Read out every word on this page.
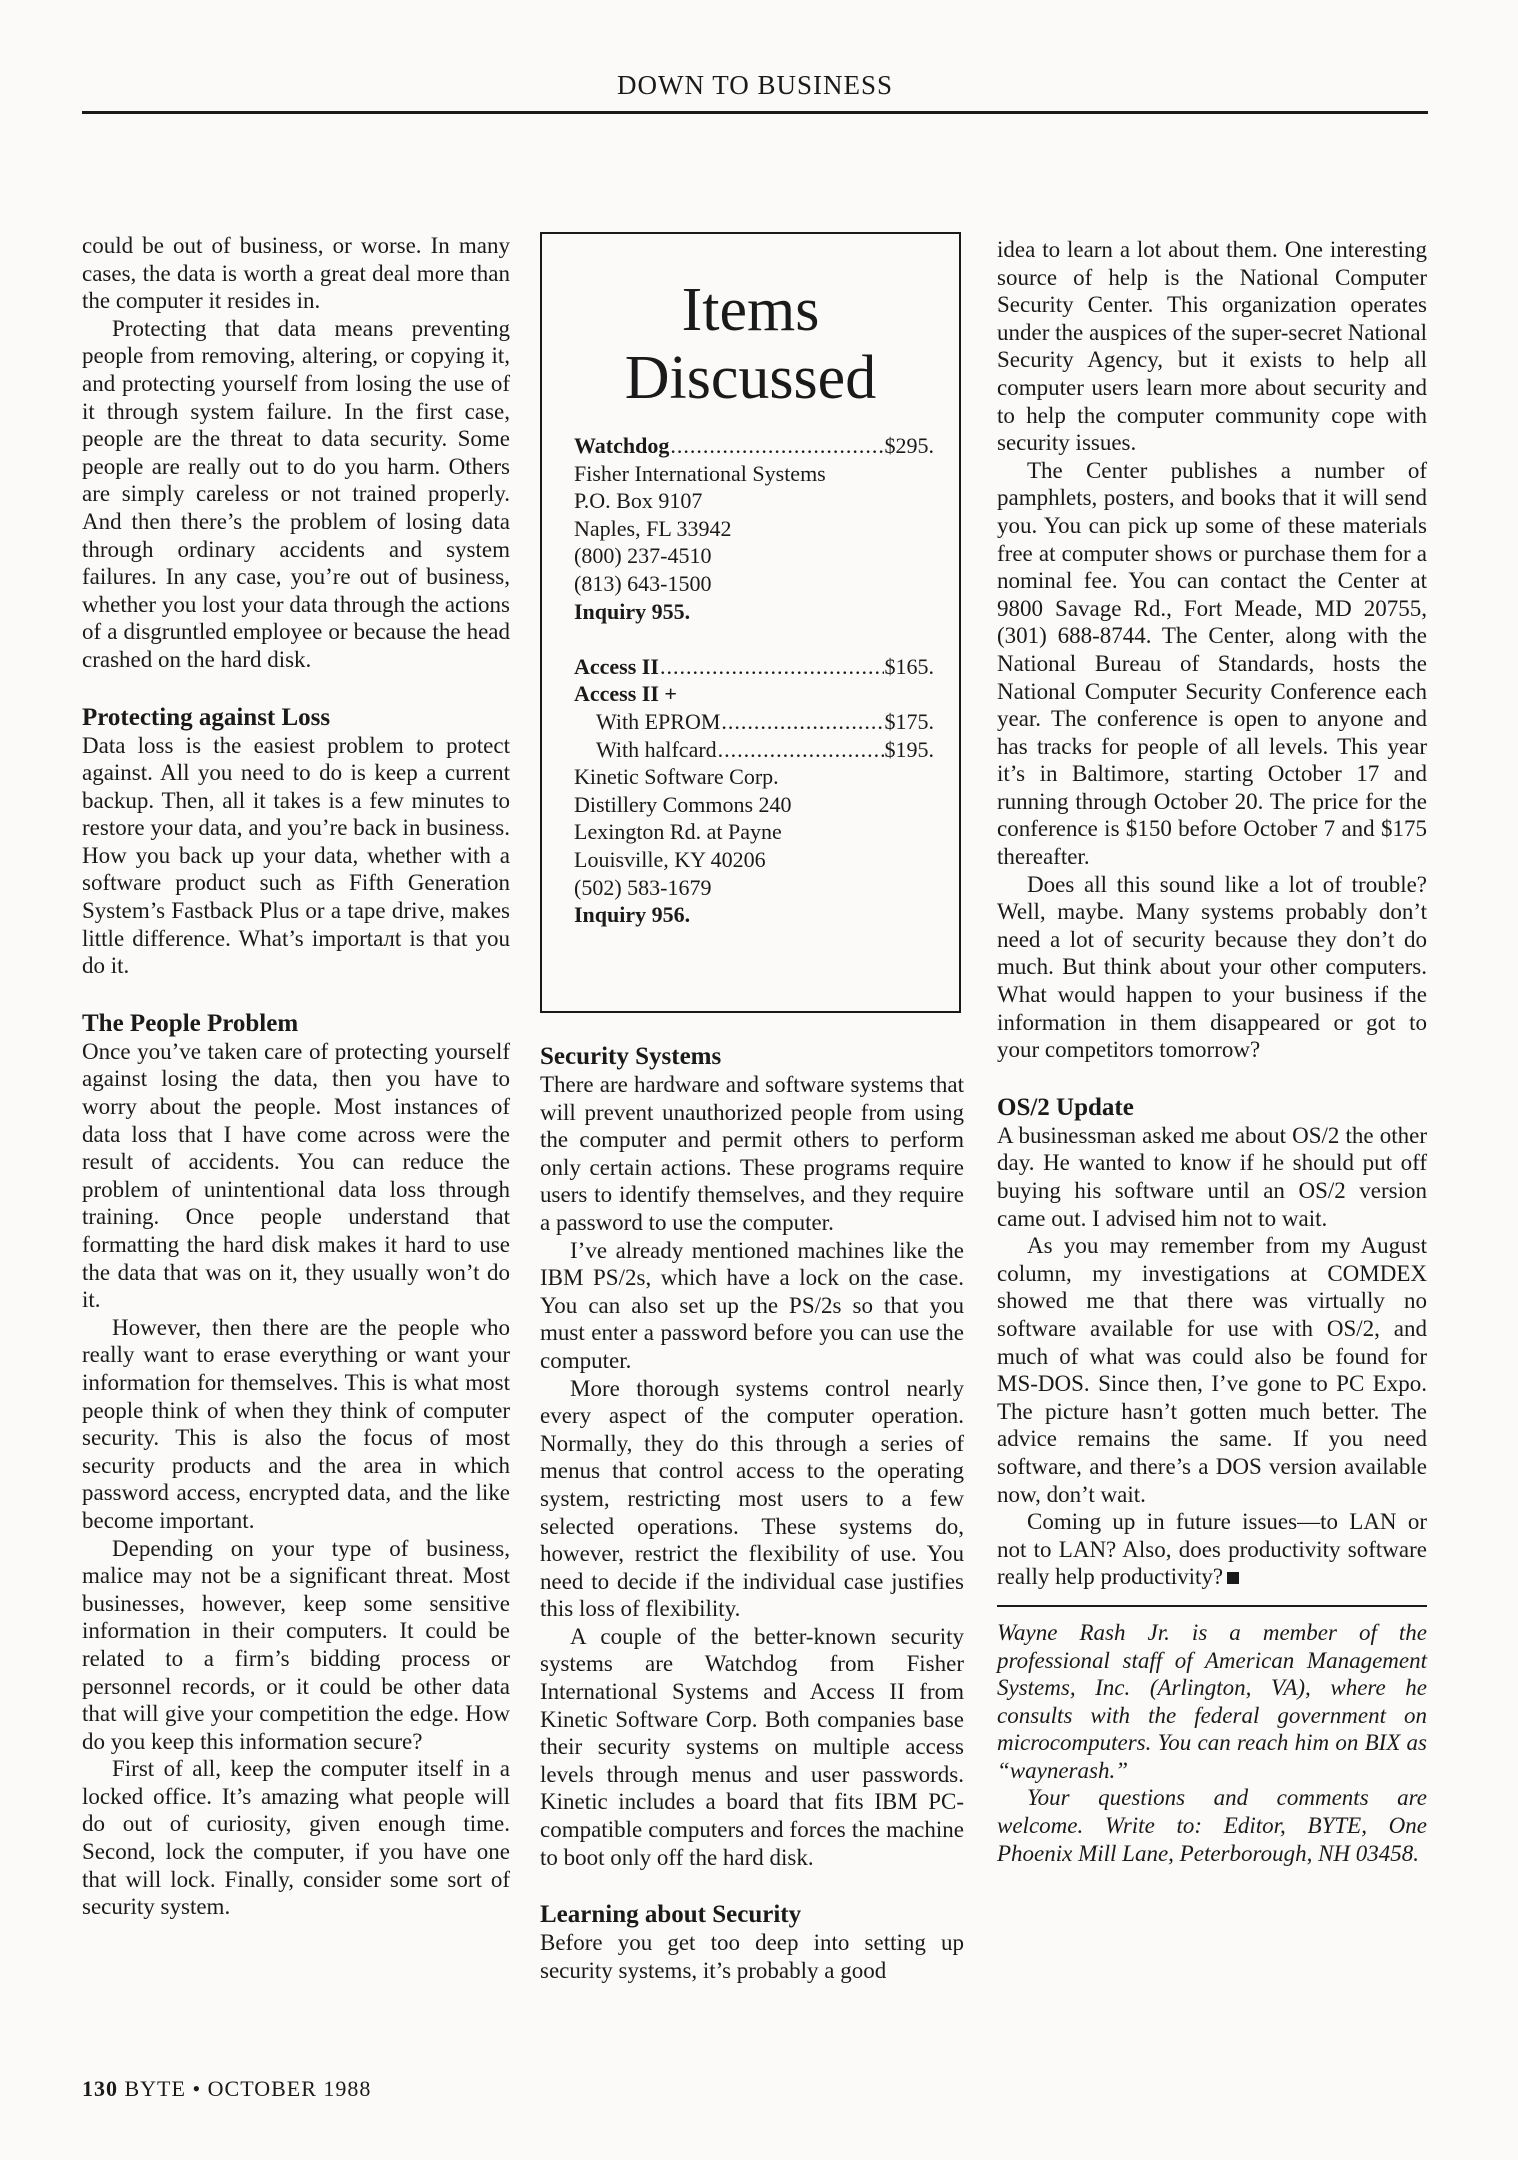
DOWN TO BUSINESS

could be out of business, or worse. In many cases, the data is worth a great deal more than the computer it resides in.

Protecting that data means preventing people from removing, altering, or copying it, and protecting yourself from losing the use of it through system failure. In the first case, people are the threat to data security. Some people are really out to do you harm. Others are simply careless or not trained properly. And then there’s the problem of losing data through ordinary accidents and system failures. In any case, you’re out of business, whether you lost your data through the actions of a disgruntled employee or because the head crashed on the hard disk.

Protecting against Loss

Data loss is the easiest problem to protect against. All you need to do is keep a current backup. Then, all it takes is a few minutes to restore your data, and you’re back in business. How you back up your data, whether with a software product such as Fifth Generation System’s Fastback Plus or a tape drive, makes little difference. What’s importaлt is that you do it.

The People Problem

Once you’ve taken care of protecting yourself against losing the data, then you have to worry about the people. Most instances of data loss that I have come across were the result of accidents. You can reduce the problem of unintentional data loss through training. Once people understand that formatting the hard disk makes it hard to use the data that was on it, they usually won’t do it.

However, then there are the people who really want to erase everything or want your information for themselves. This is what most people think of when they think of computer security. This is also the focus of most security products and the area in which password access, encrypted data, and the like become important.

Depending on your type of business, malice may not be a significant threat. Most businesses, however, keep some sensitive information in their computers. It could be related to a firm’s bidding process or personnel records, or it could be other data that will give your competition the edge. How do you keep this information secure?

First of all, keep the computer itself in a locked office. It’s amazing what people will do out of curiosity, given enough time. Second, lock the computer, if you have one that will lock. Finally, consider some sort of security system.

Items
Discussed
Watchdog .....	$295.
Fisher International Systems
P.O. Box 9107
Naples, FL 33942
(800) 237-4510
(813) 643-1500
Inquiry 955.
Access II .....	$165.
Access II +
With EPROM .....	$175.
With halfcard .....	$195.
Kinetic Software Corp.
Distillery Commons 240
Lexington Rd. at Payne
Louisville, KY 40206
(502) 583-1679
Inquiry 956.
Security Systems

There are hardware and software systems that will prevent unauthorized people from using the computer and permit others to perform only certain actions. These programs require users to identify themselves, and they require a password to use the computer.

I’ve already mentioned machines like the IBM PS/2s, which have a lock on the case. You can also set up the PS/2s so that you must enter a password before you can use the computer.

More thorough systems control nearly every aspect of the computer operation. Normally, they do this through a series of menus that control access to the operating system, restricting most users to a few selected operations. These systems do, however, restrict the flexibility of use. You need to decide if the individual case justifies this loss of flexibility.

A couple of the better-known security systems are Watchdog from Fisher International Systems and Access II from Kinetic Software Corp. Both companies base their security systems on multiple access levels through menus and user passwords. Kinetic includes a board that fits IBM PC-compatible computers and forces the machine to boot only off the hard disk.

Learning about Security

Before you get too deep into setting up security systems, it’s probably a good

idea to learn a lot about them. One interesting source of help is the National Computer Security Center. This organization operates under the auspices of the super-secret National Security Agency, but it exists to help all computer users learn more about security and to help the computer community cope with security issues.

The Center publishes a number of pamphlets, posters, and books that it will send you. You can pick up some of these materials free at computer shows or purchase them for a nominal fee. You can contact the Center at 9800 Savage Rd., Fort Meade, MD 20755, (301) 688-8744. The Center, along with the National Bureau of Standards, hosts the National Computer Security Conference each year. The conference is open to anyone and has tracks for people of all levels. This year it’s in Baltimore, starting October 17 and running through October 20. The price for the conference is $150 before October 7 and $175 thereafter.

Does all this sound like a lot of trouble? Well, maybe. Many systems probably don’t need a lot of security because they don’t do much. But think about your other computers. What would happen to your business if the information in them disappeared or got to your competitors tomorrow?

OS/2 Update

A businessman asked me about OS/2 the other day. He wanted to know if he should put off buying his software until an OS/2 version came out. I advised him not to wait.

As you may remember from my August column, my investigations at COMDEX showed me that there was virtually no software available for use with OS/2, and much of what was could also be found for MS-DOS. Since then, I’ve gone to PC Expo. The picture hasn’t gotten much better. The advice remains the same. If you need software, and there’s a DOS version available now, don’t wait.

Coming up in future issues—to LAN or not to LAN? Also, does productivity software really help productivity?

Wayne Rash Jr. is a member of the professional staff of American Management Systems, Inc. (Arlington, VA), where he consults with the federal government on microcomputers. You can reach him on BIX as “waynerash.”

Your questions and comments are welcome. Write to: Editor, BYTE, One Phoenix Mill Lane, Peterborough, NH 03458.

130 BYTE • OCTOBER 1988
